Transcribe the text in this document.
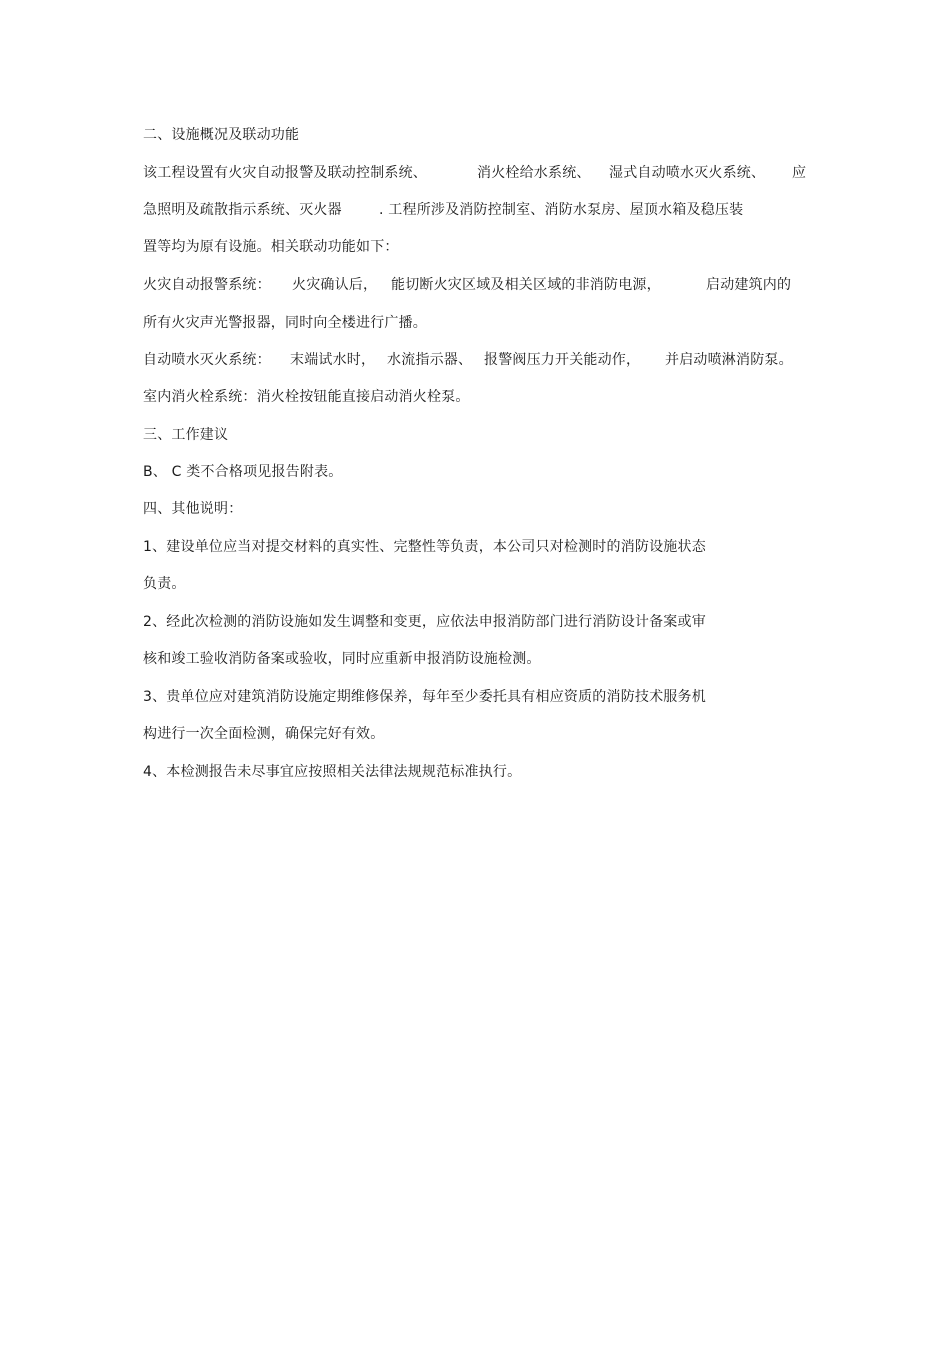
二、设施概况及联动功能
该工程设置有火灾自动报警及联动控制系统、	消火栓给水系统、 湿式自动喷水灭火系统、 应
急照明及疏散指示系统、灭火器	. 工程所涉及消防控制室、消防水泵房、屋顶水箱及稳压装
置等均为原有设施。相关联动功能如下：
火灾自动报警系统： 火灾确认后， 能切断火灾区域及相关区域的非消防电源，	启动建筑内的
所有火灾声光警报器，同时向全楼进行广播。
自动喷水灭火系统： 末端试水时， 水流指示器、 报警阀压力开关能动作， 并启动喷淋消防泵。
室内消火栓系统：消火栓按钮能直接启动消火栓泵。
三、工作建议
B、 C 类不合格项见报告附表。
四、其他说明：
1、建设单位应当对提交材料的真实性、完整性等负责，本公司只对检测时的消防设施状态
负责。
2、经此次检测的消防设施如发生调整和变更，应依法申报消防部门进行消防设计备案或审
核和竣工验收消防备案或验收，同时应重新申报消防设施检测。
3、贵单位应对建筑消防设施定期维修保养，每年至少委托具有相应资质的消防技术服务机
构进行一次全面检测，确保完好有效。
4、本检测报告未尽事宜应按照相关法律法规规范标准执行。
